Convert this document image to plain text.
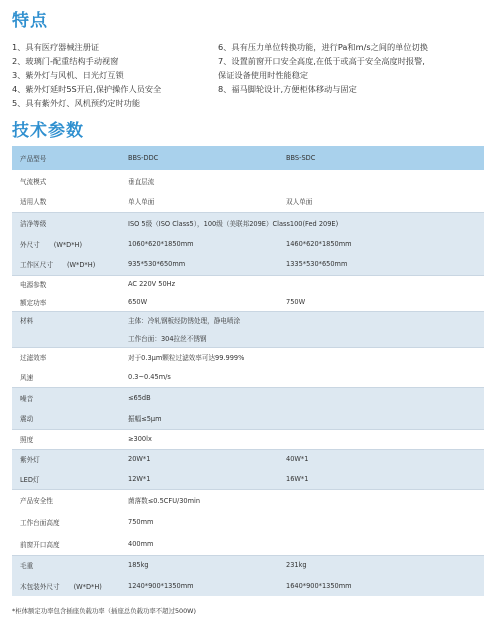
特点
1、具有医疗器械注册证
2、玻璃门-配重结构手动视窗
3、紫外灯与风机、日光灯互锁
4、紫外灯延时5S开启,保护操作人员安全
5、具有紫外灯、风机预约定时功能
6、具有压力单位转换功能，进行Pa和m/s之间的单位切换
7、设置前窗开口安全高度,在低于或高于安全高度时报警,
保证设备使用时性能稳定
8、福马脚轮设计,方便柜体移动与固定
技术参数
产品型号	BBS-DDC	BBS-SDC
气流模式	垂直层流	
适用人数	单人单面	双人单面
洁净等级	ISO 5级（ISO Class5），100级（美联邦209E）Class100(Fed 209E)	
外尺寸 (W*D*H)	1060*620*1850mm	1460*620*1850mm
工作区尺寸 (W*D*H)	935*530*650mm	1335*530*650mm
电源参数	AC 220V 50Hz	
额定功率	650W	750W
材料	主体：冷轧钢板经防锈处理，静电喷涂	
	工作台面：304拉丝不锈钢	
过滤效率	对于0.3μm颗粒过滤效率可达99.999%	
风速	0.3~0.45m/s	
噪音	≤65dB	
震动	振幅≤5μm	
照度	≥300lx	
紫外灯	20W*1	40W*1
LED灯	12W*1	16W*1
产品安全性	菌落数≤0.5CFU/30min	
工作台面高度	750mm	
前窗开口高度	400mm	
毛重	185kg	231kg
木包装外尺寸 (W*D*H)	1240*900*1350mm	1640*900*1350mm
*柜体额定功率包含插座负载功率（插座总负载功率不超过500W)
